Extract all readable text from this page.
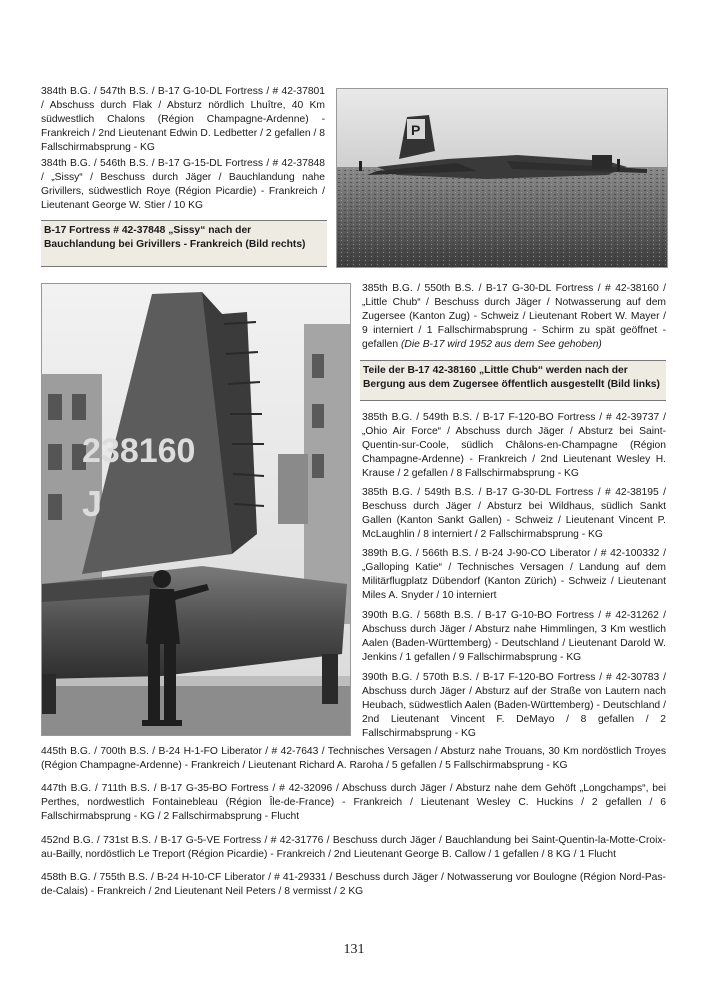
384th B.G. / 547th B.S. / B-17 G-10-DL Fortress / # 42-37801 / Abschuss durch Flak / Absturz nördlich Lhuître, 40 Km südwestlich Chalons (Région Champagne-Ardenne) - Frankreich / 2nd Lieutenant Edwin D. Ledbetter / 2 gefallen / 8 Fallschirmabsprung - KG

384th B.G. / 546th B.S. / B-17 G-15-DL Fortress / # 42-37848 / „Sissy“ / Beschuss durch Jäger / Bauchlandung nahe Grivillers, südwestlich Roye (Région Picardie) - Frankreich / Lieutenant George W. Stier / 10 KG

B-17 Fortress # 42-37848 „Sissy“ nach der Bauchlandung bei Grivillers - Frankreich (Bild rechts)
P

385th B.G. / 550th B.S. / B-17 G-30-DL Fortress / # 42-38160 / „Little Chub“ / Beschuss durch Jäger / Notwasserung auf dem Zugersee (Kanton Zug) - Schweiz / Lieutenant Robert W. Mayer / 9 interniert / 1 Fallschirmabsprung - Schirm zu spät geöffnet - gefallen (Die B-17 wird 1952 aus dem See gehoben)

Teile der B-17 42-38160 „Little Chub“ werden nach der Bergung aus dem Zugersee öffentlich ausgestellt (Bild links)
238160
J

385th B.G. / 549th B.S. / B-17 F-120-BO Fortress / # 42-39737 / „Ohio Air Force“ / Abschuss durch Jäger / Absturz bei Saint-Quentin-sur-Coole, südlich Châlons-en-Champagne (Région Champagne-Ardenne) - Frankreich / 2nd Lieutenant Wesley H. Krause / 2 gefallen / 8 Fallschirmabsprung - KG

385th B.G. / 549th B.S. / B-17 G-30-DL Fortress / # 42-38195 / Beschuss durch Jäger / Absturz bei Wildhaus, südlich Sankt Gallen (Kanton Sankt Gallen) - Schweiz / Lieutenant Vincent P. McLaughlin / 8 interniert / 2 Fallschirmabsprung - KG

389th B.G. / 566th B.S. / B-24 J-90-CO Liberator / # 42-100332 / „Galloping Katie“ / Technisches Versagen / Landung auf dem Militärflugplatz Dübendorf (Kanton Zürich) - Schweiz / Lieutenant Miles A. Snyder / 10 interniert

390th B.G. / 568th B.S. / B-17 G-10-BO Fortress / # 42-31262 / Abschuss durch Jäger / Absturz nahe Himmlingen, 3 Km westlich Aalen (Baden-Württemberg) - Deutschland / Lieutenant Darold W. Jenkins / 1 gefallen / 9 Fallschirmabsprung - KG

390th B.G. / 570th B.S. / B-17 F-120-BO Fortress / # 42-30783 / Abschuss durch Jäger / Absturz auf der Straße von Lautern nach Heubach, südwestlich Aalen (Baden-Württemberg) - Deutschland / 2nd Lieutenant Vincent F. DeMayo / 8 gefallen / 2 Fallschirmabsprung - KG

445th B.G. / 700th B.S. / B-24 H-1-FO Liberator / # 42-7643 / Technisches Versagen / Absturz nahe Trouans, 30 Km nordöstlich Troyes (Région Champagne-Ardenne) - Frankreich / Lieutenant Richard A. Raroha / 5 gefallen / 5 Fallschirmabsprung - KG

447th B.G. / 711th B.S. / B-17 G-35-BO Fortress / # 42-32096 / Abschuss durch Jäger / Absturz nahe dem Gehöft „Longchamps“, bei Perthes, nordwestlich Fontainebleau (Région Île-de-France) - Frankreich / Lieutenant Wesley C. Huckins / 2 gefallen / 6 Fallschirmabsprung - KG / 2 Fallschirmabsprung - Flucht

452nd B.G. / 731st B.S. / B-17 G-5-VE Fortress / # 42-31776 / Beschuss durch Jäger / Bauchlandung bei Saint-Quentin-la-Motte-Croix-au-Bailly, nordöstlich Le Treport (Région Picardie) - Frankreich / 2nd Lieutenant George B. Callow / 1 gefallen / 8 KG / 1 Flucht

458th B.G. / 755th B.S. / B-24 H-10-CF Liberator / # 41-29331 / Beschuss durch Jäger / Notwasserung vor Boulogne (Région Nord-Pas-de-Calais) - Frankreich / 2nd Lieutenant Neil Peters / 8 vermisst / 2 KG

131
